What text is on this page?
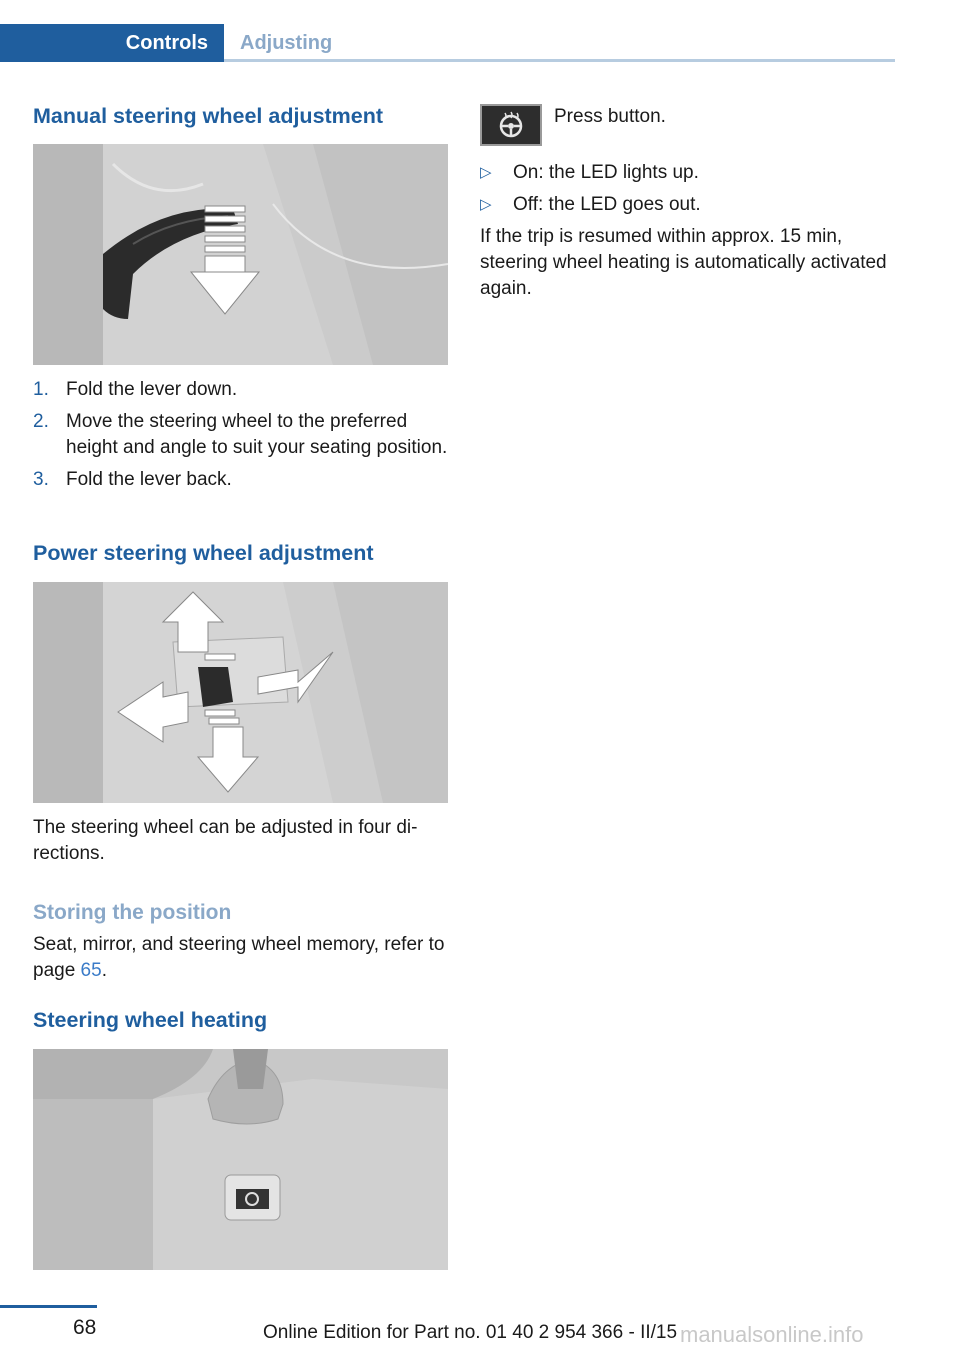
Controls	Adjusting
Manual steering wheel adjustment
1. Fold the lever down.
2. Move the steering wheel to the preferred height and angle to suit your seating position.
3. Fold the lever back.
Power steering wheel adjustment

The steering wheel can be adjusted in four directions.

Storing the position

Seat, mirror, and steering wheel memory, refer to page 65.

Steering wheel heating

Press button.

▷ On: the LED lights up.
▷ Off: the LED goes out.

If the trip is resumed within approx. 15 min, steering wheel heating is automatically activated again.

68	Online Edition for Part no. 01 40 2 954 366 - II/15 manualsonline.info
